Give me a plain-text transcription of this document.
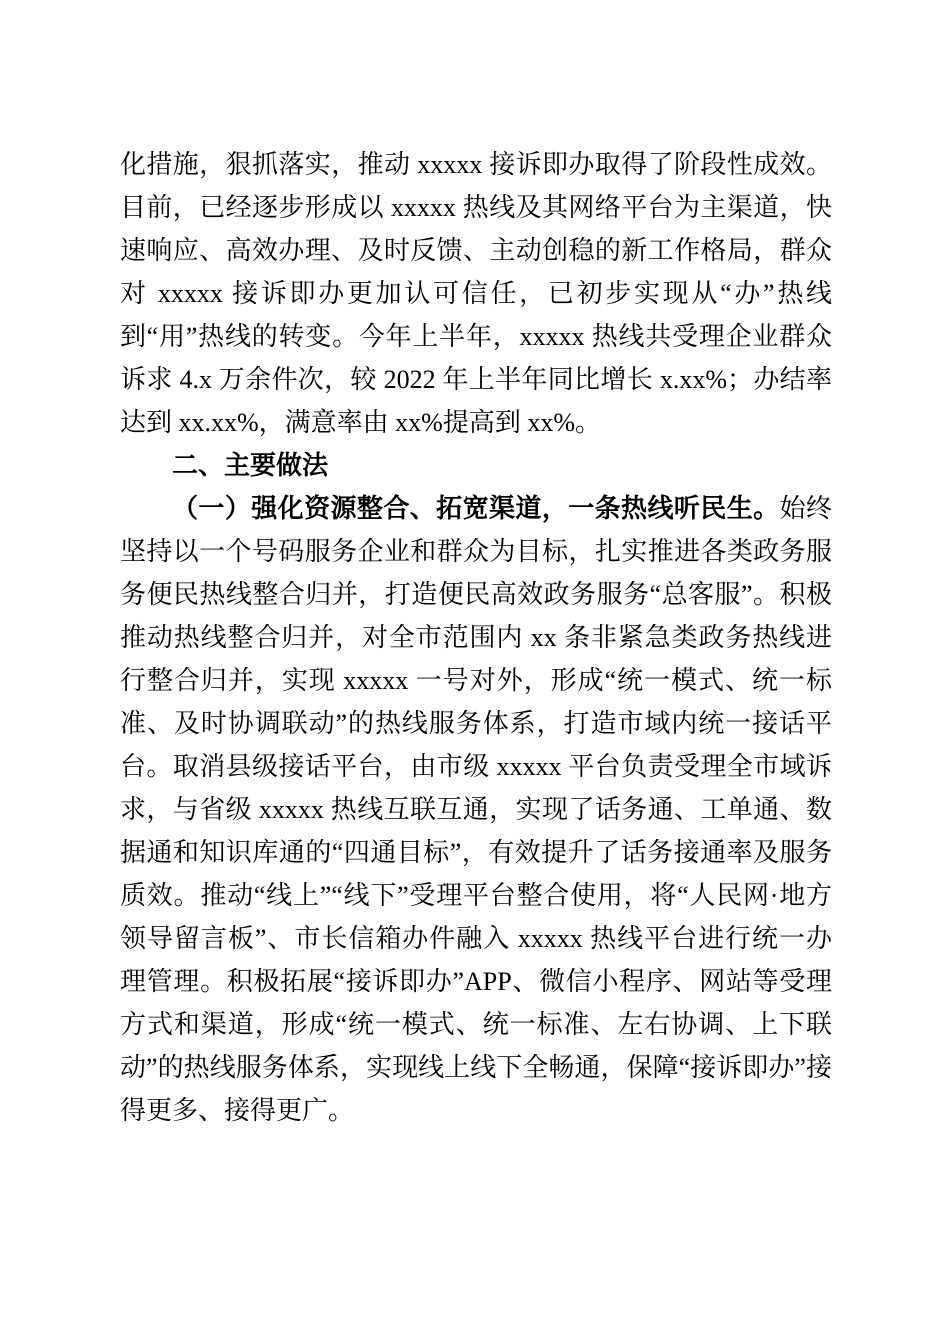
化措施，狠抓落实，推动 xxxxx 接诉即办取得了阶段性成效。目前，已经逐步形成以 xxxxx 热线及其网络平台为主渠道，快速响应、高效办理、及时反馈、主动创稳的新工作格局，群众对 xxxxx 接诉即办更加认可信任，已初步实现从“办”热线到“用”热线的转变。今年上半年，xxxxx 热线共受理企业群众诉求 4.x 万余件次，较 2022 年上半年同比增长 x.xx%；办结率达到 xx.xx%，满意率由 xx%提高到 xx%。

二、主要做法

（一）强化资源整合、拓宽渠道，一条热线听民生。始终坚持以一个号码服务企业和群众为目标，扎实推进各类政务服务便民热线整合归并，打造便民高效政务服务“总客服”。积极推动热线整合归并，对全市范围内 xx 条非紧急类政务热线进行整合归并，实现 xxxxx 一号对外，形成“统一模式、统一标准、及时协调联动”的热线服务体系，打造市域内统一接话平台。取消县级接话平台，由市级 xxxxx 平台负责受理全市域诉求，与省级 xxxxx 热线互联互通，实现了话务通、工单通、数据通和知识库通的“四通目标”，有效提升了话务接通率及服务质效。推动“线上”“线下”受理平台整合使用，将“人民网·地方领导留言板”、市长信箱办件融入 xxxxx 热线平台进行统一办理管理。积极拓展“接诉即办”APP、微信小程序、网站等受理方式和渠道，形成“统一模式、统一标准、左右协调、上下联动”的热线服务体系，实现线上线下全畅通，保障“接诉即办”接得更多、接得更广。
